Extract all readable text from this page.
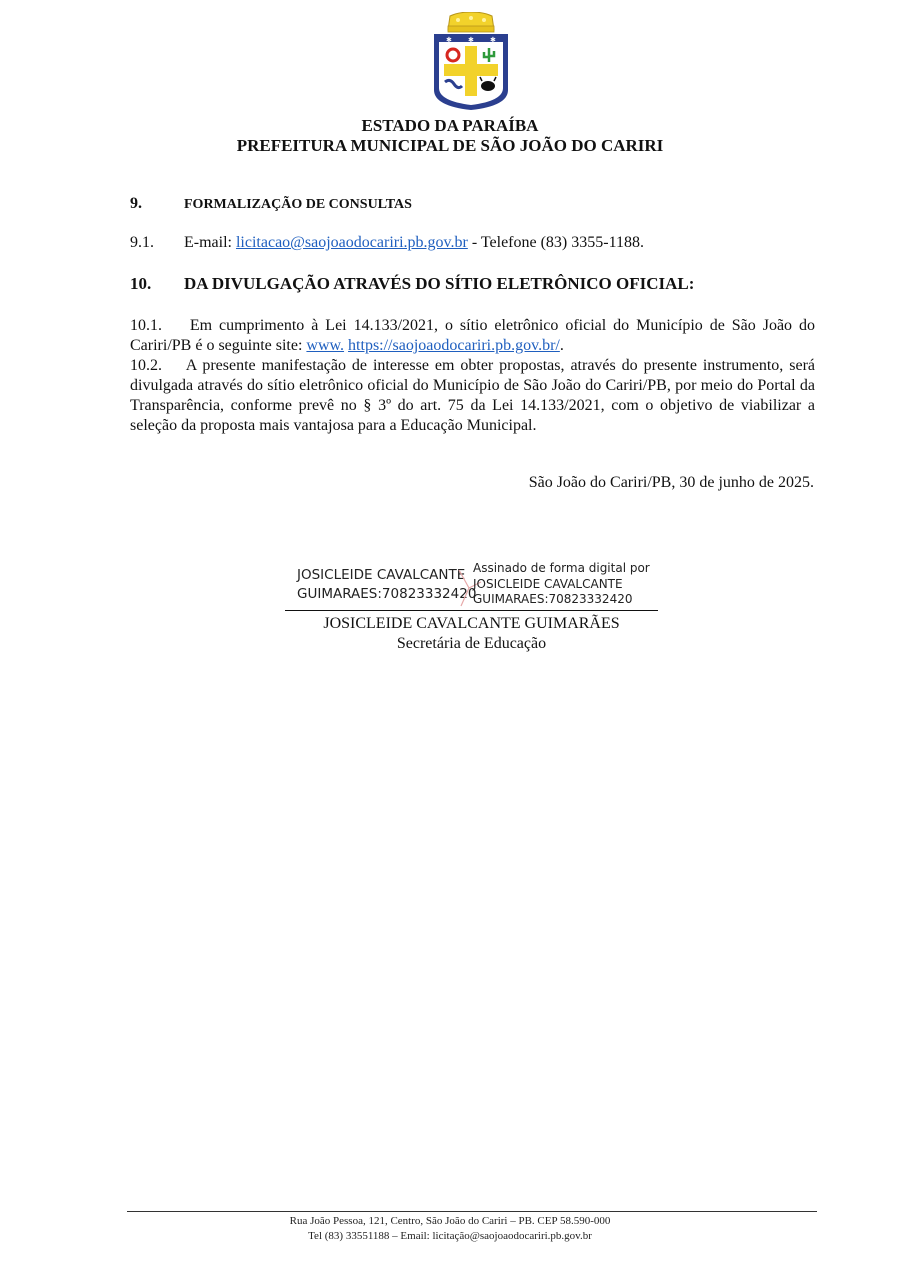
✱ ✱ ✱
ESTADO DA PARAÍBA
PREFEITURA MUNICIPAL DE SÃO JOÃO DO CARIRI
9.	FORMALIZAÇÃO DE CONSULTAS
9.1. E-mail: licitacao@saojoaodocariri.pb.gov.br - Telefone (83) 3355-1188.
10. DA DIVULGAÇÃO ATRAVÉS DO SÍTIO ELETRÔNICO OFICIAL:
10.1. Em cumprimento à Lei 14.133/2021, o sítio eletrônico oficial do Município de São João do Cariri/PB é o seguinte site: www. https://saojoaodocariri.pb.gov.br/.
10.2. A presente manifestação de interesse em obter propostas, através do presente instrumento, será divulgada através do sítio eletrônico oficial do Município de São João do Cariri/PB, por meio do Portal da Transparência, conforme prevê no § 3º do art. 75 da Lei 14.133/2021, com o objetivo de viabilizar a seleção da proposta mais vantajosa para a Educação Municipal.
São João do Cariri/PB, 30 de junho de 2025.
JOSICLEIDE CAVALCANTE
GUIMARAES:70823332420
Assinado de forma digital por
JOSICLEIDE CAVALCANTE
GUIMARAES:70823332420
JOSICLEIDE CAVALCANTE GUIMARÃES
Secretária de Educação
Rua João Pessoa, 121, Centro, São João do Cariri – PB. CEP 58.590-000
Tel (83) 33551188 – Email: licitação@saojoaodocariri.pb.gov.br
